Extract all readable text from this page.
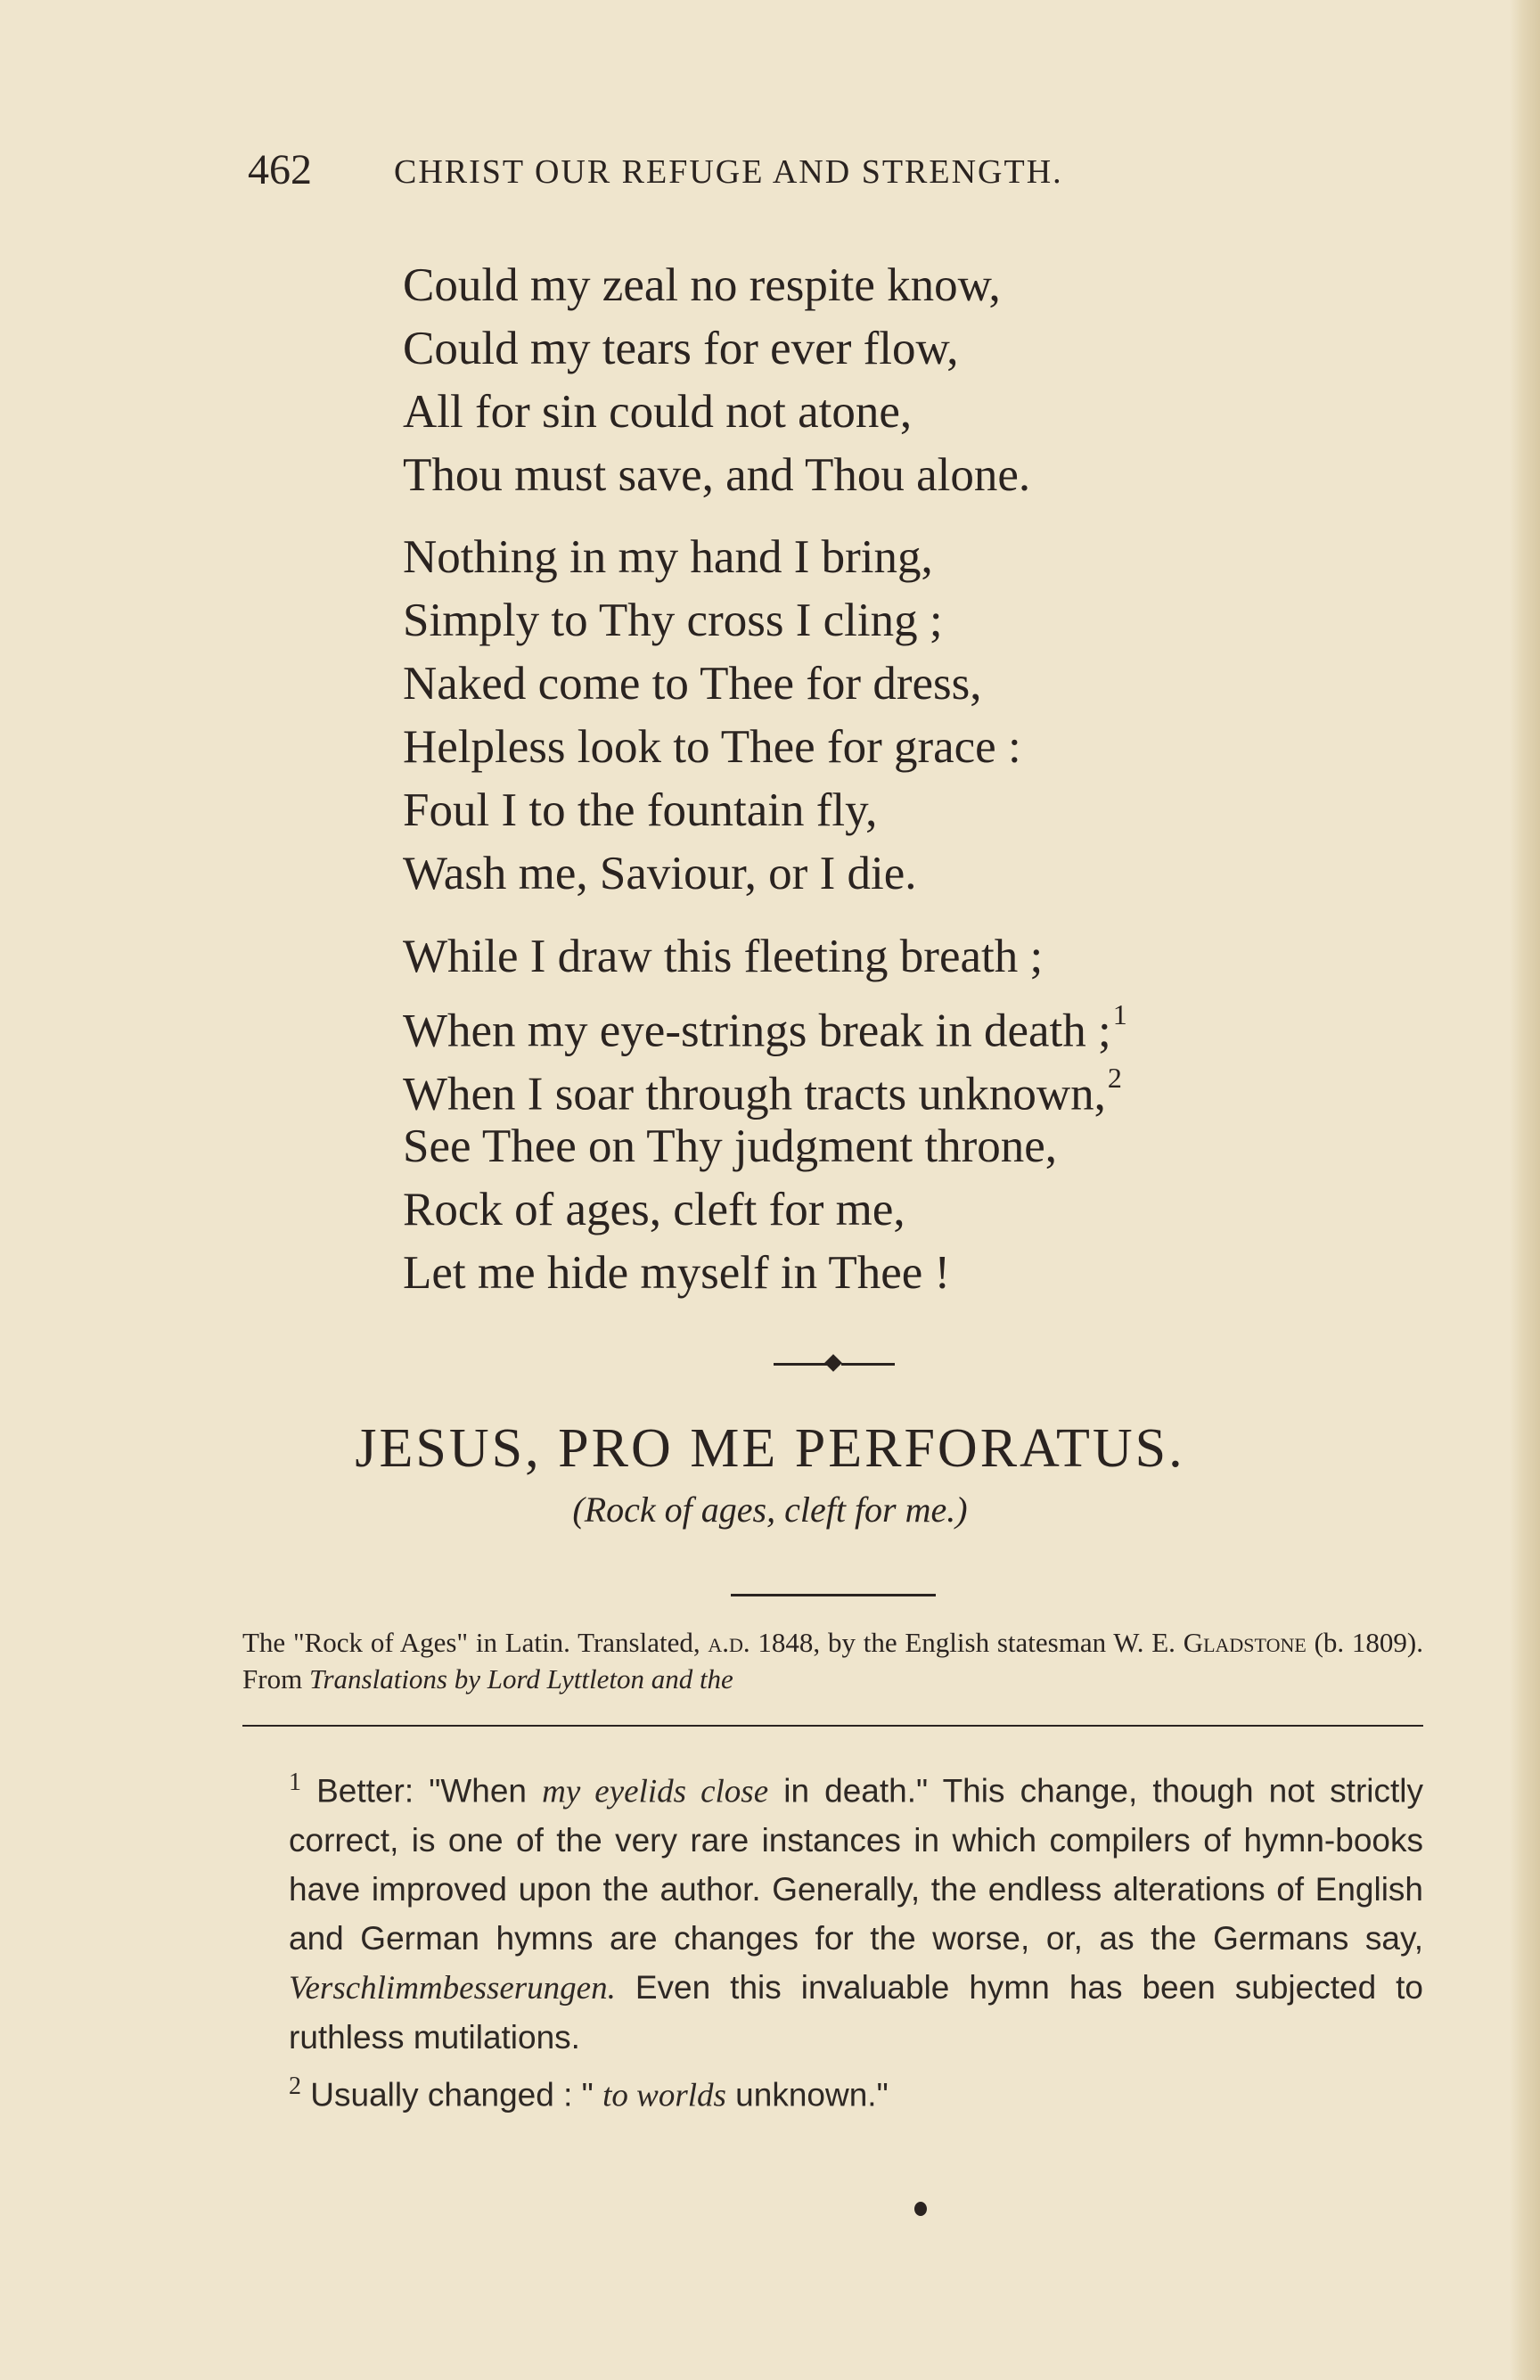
462 CHRIST OUR REFUGE AND STRENGTH.
Could my zeal no respite know,
Could my tears for ever flow,
All for sin could not atone,
Thou must save, and Thou alone.
Nothing in my hand I bring,
Simply to Thy cross I cling ;
Naked come to Thee for dress,
Helpless look to Thee for grace :
Foul I to the fountain fly,
Wash me, Saviour, or I die.
While I draw this fleeting breath ;
When my eye-strings break in death ;$^1$
When I soar through tracts unknown,$^2$
See Thee on Thy judgment throne,
Rock of ages, cleft for me,
Let me hide myself in Thee !
JESUS, PRO ME PERFORATUS.
(Rock of ages, cleft for me.)
The "Rock of Ages" in Latin. Translated, a.d. 1848, by the English statesman W. E. Gladstone (b. 1809). From Translations by Lord Lyttleton and the
$^1$ Better: "When my eyelids close in death." This change, though not strictly correct, is one of the very rare instances in which compilers of hymn-books have improved upon the author. Generally, the endless alterations of English and German hymns are changes for the worse, or, as the Germans say, Verschlimmbesserungen. Even this invaluable hymn has been subjected to ruthless mutilations.
$^2$ Usually changed : " to worlds unknown."
